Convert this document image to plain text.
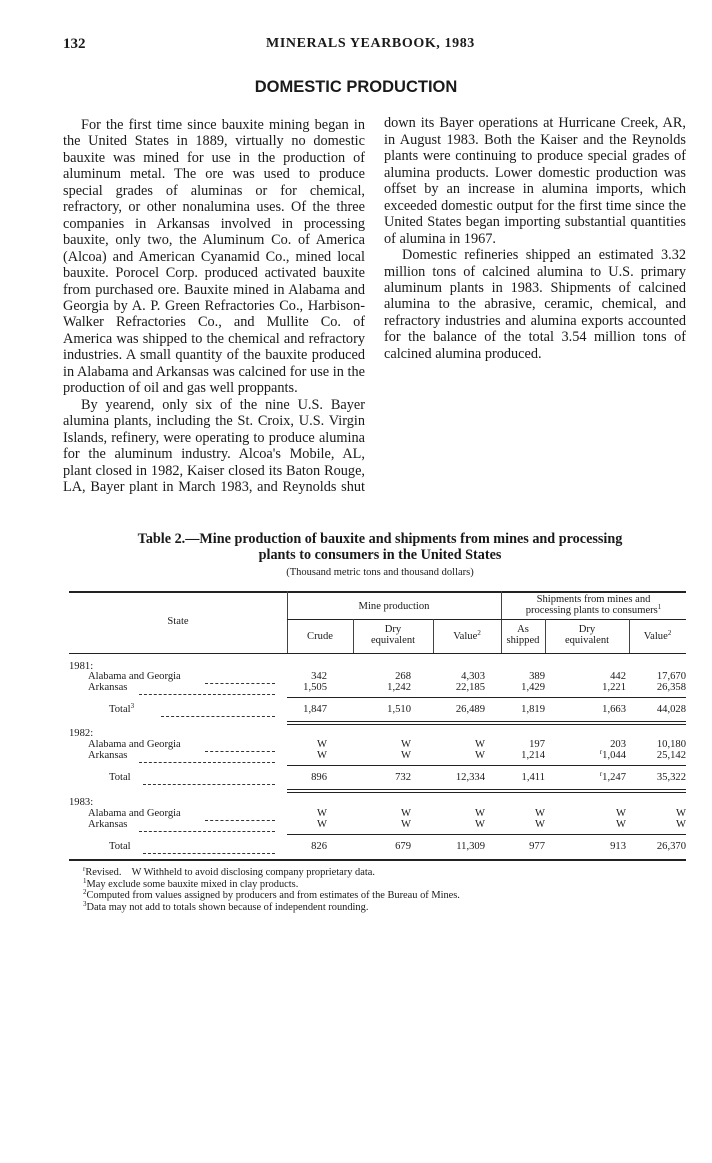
132	MINERALS YEARBOOK, 1983
DOMESTIC PRODUCTION

For the first time since bauxite mining began in the United States in 1889, virtually no domestic bauxite was mined for use in the production of aluminum metal. The ore was used to produce special grades of aluminas or for chemical, refractory, or other nonalumina uses. Of the three companies in Arkansas involved in processing bauxite, only two, the Aluminum Co. of America (Alcoa) and American Cyanamid Co., mined local bauxite. Porocel Corp. produced activated bauxite from purchased ore. Bauxite mined in Alabama and Georgia by A. P. Green Refractories Co., Harbison-Walker Refractories Co., and Mullite Co. of America was shipped to the chemical and refractory industries. A small quantity of the bauxite produced in Alabama and Arkansas was calcined for use in the production of oil and gas well proppants.

By yearend, only six of the nine U.S. Bayer alumina plants, including the St. Croix, U.S. Virgin Islands, refinery, were operating to produce alumina for the aluminum industry. Alcoa's Mobile, AL, plant closed in 1982, Kaiser closed its Baton Rouge, LA, Bayer plant in March 1983, and Reynolds shut

down its Bayer operations at Hurricane Creek, AR, in August 1983. Both the Kaiser and the Reynolds plants were continuing to produce special grades of alumina products. Lower domestic production was offset by an increase in alumina imports, which exceeded domestic output for the first time since the United States began importing substantial quantities of alumina in 1967.

Domestic refineries shipped an estimated 3.32 million tons of calcined alumina to U.S. primary aluminum plants in 1983. Shipments of calcined alumina to the abrasive, ceramic, chemical, and refractory industries and alumina exports accounted for the balance of the total 3.54 million tons of calcined alumina produced.

Table 2.—Mine production of bauxite and shipments from mines and processing
plants to consumers in the United States
(Thousand metric tons and thousand dollars)
State
Mine production
Shipments from mines and
processing plants to consumers$^1$
Crude
Dry
equivalent	Value$^2$	As
shipped
Dry
equivalent	Value$^2$
1981:
Alabama and Georgia	342	268	4,303	389	442	17,670
Arkansas	1,505	1,242	22,185	1,429	1,221	26,358
Total$^3$	1,847	1,510	26,489	1,819	1,663	44,028
1982:
Alabama and Georgia	W	W	W	197	203	10,180
Arkansas	W	W	W	1,214	$^r$1,044	25,142
Total	896	732	12,334	1,411	$^r$1,247	35,322
1983:
Alabama and Georgia	W	W	W	W	W	W
Arkansas	W	W	W	W	W	W
Total	826	679	11,309	977	913	26,370
$^r$Revised.    W Withheld to avoid disclosing company proprietary data.
$^1$May exclude some bauxite mixed in clay products.
$^2$Computed from values assigned by producers and from estimates of the Bureau of Mines.
$^3$Data may not add to totals shown because of independent rounding.
